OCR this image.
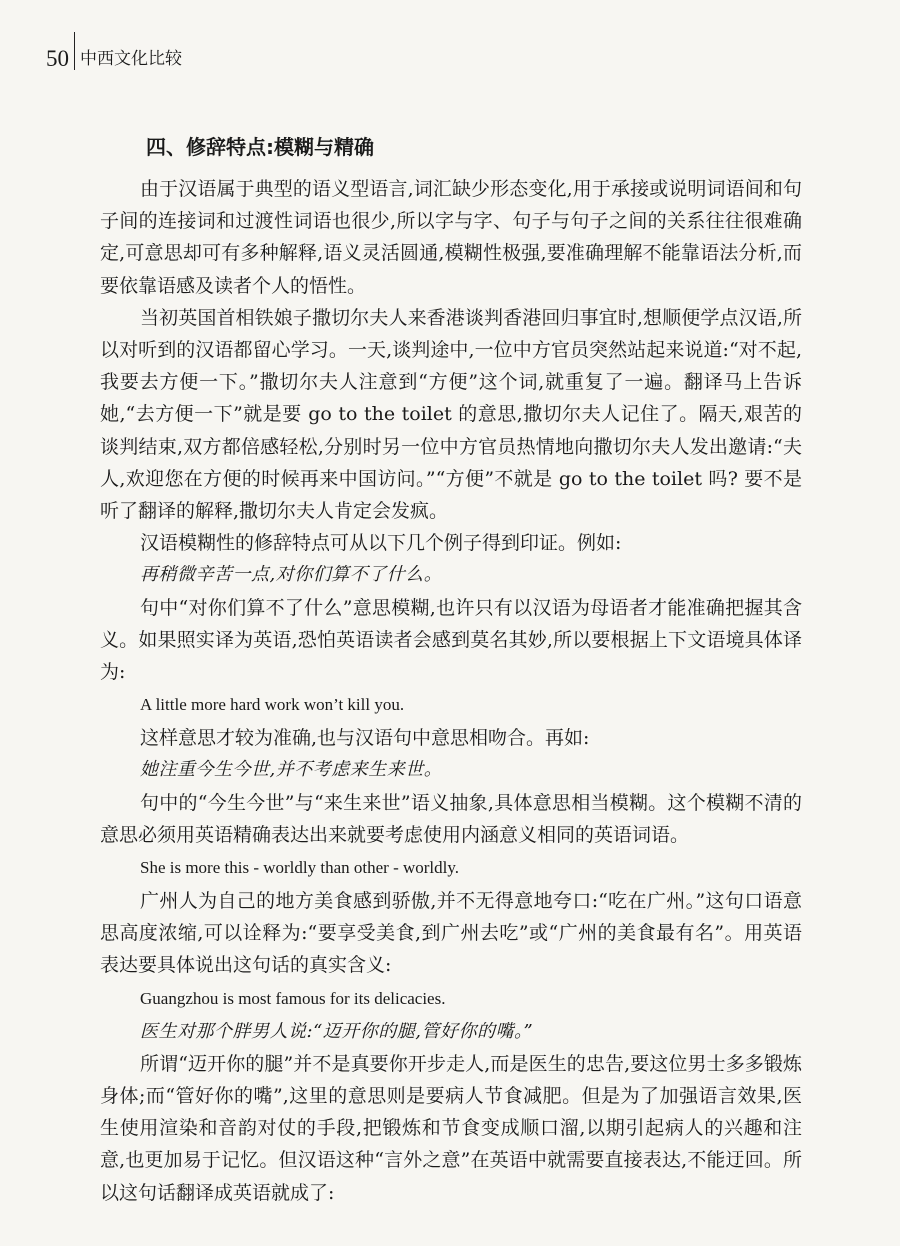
50 中西文化比较
四、修辞特点:模糊与精确

由于汉语属于典型的语义型语言,词汇缺少形态变化,用于承接或说明词语间和句子间的连接词和过渡性词语也很少,所以字与字、句子与句子之间的关系往往很难确定,可意思却可有多种解释,语义灵活圆通,模糊性极强,要准确理解不能靠语法分析,而要依靠语感及读者个人的悟性。

当初英国首相铁娘子撒切尔夫人来香港谈判香港回归事宜时,想顺便学点汉语,所以对听到的汉语都留心学习。一天,谈判途中,一位中方官员突然站起来说道:“对不起,我要去方便一下。”撒切尔夫人注意到“方便”这个词,就重复了一遍。翻译马上告诉她,“去方便一下”就是要 go to the toilet 的意思,撒切尔夫人记住了。隔天,艰苦的谈判结束,双方都倍感轻松,分别时另一位中方官员热情地向撒切尔夫人发出邀请:“夫人,欢迎您在方便的时候再来中国访问。”“方便”不就是 go to the toilet 吗? 要不是听了翻译的解释,撒切尔夫人肯定会发疯。

汉语模糊性的修辞特点可从以下几个例子得到印证。例如:

再稍微辛苦一点,对你们算不了什么。

句中“对你们算不了什么”意思模糊,也许只有以汉语为母语者才能准确把握其含义。如果照实译为英语,恐怕英语读者会感到莫名其妙,所以要根据上下文语境具体译为:

A little more hard work won’t kill you.

这样意思才较为准确,也与汉语句中意思相吻合。再如:

她注重今生今世,并不考虑来生来世。

句中的“今生今世”与“来生来世”语义抽象,具体意思相当模糊。这个模糊不清的意思必须用英语精确表达出来就要考虑使用内涵意义相同的英语词语。

She is more this - worldly than other - worldly.

广州人为自己的地方美食感到骄傲,并不无得意地夸口:“吃在广州。”这句口语意思高度浓缩,可以诠释为:“要享受美食,到广州去吃”或“广州的美食最有名”。用英语表达要具体说出这句话的真实含义:

Guangzhou is most famous for its delicacies.

医生对那个胖男人说:“迈开你的腿,管好你的嘴。”

所谓“迈开你的腿”并不是真要你开步走人,而是医生的忠告,要这位男士多多锻炼身体;而“管好你的嘴”,这里的意思则是要病人节食减肥。但是为了加强语言效果,医生使用渲染和音韵对仗的手段,把锻炼和节食变成顺口溜,以期引起病人的兴趣和注意,也更加易于记忆。但汉语这种“言外之意”在英语中就需要直接表达,不能迂回。所以这句话翻译成英语就成了:
